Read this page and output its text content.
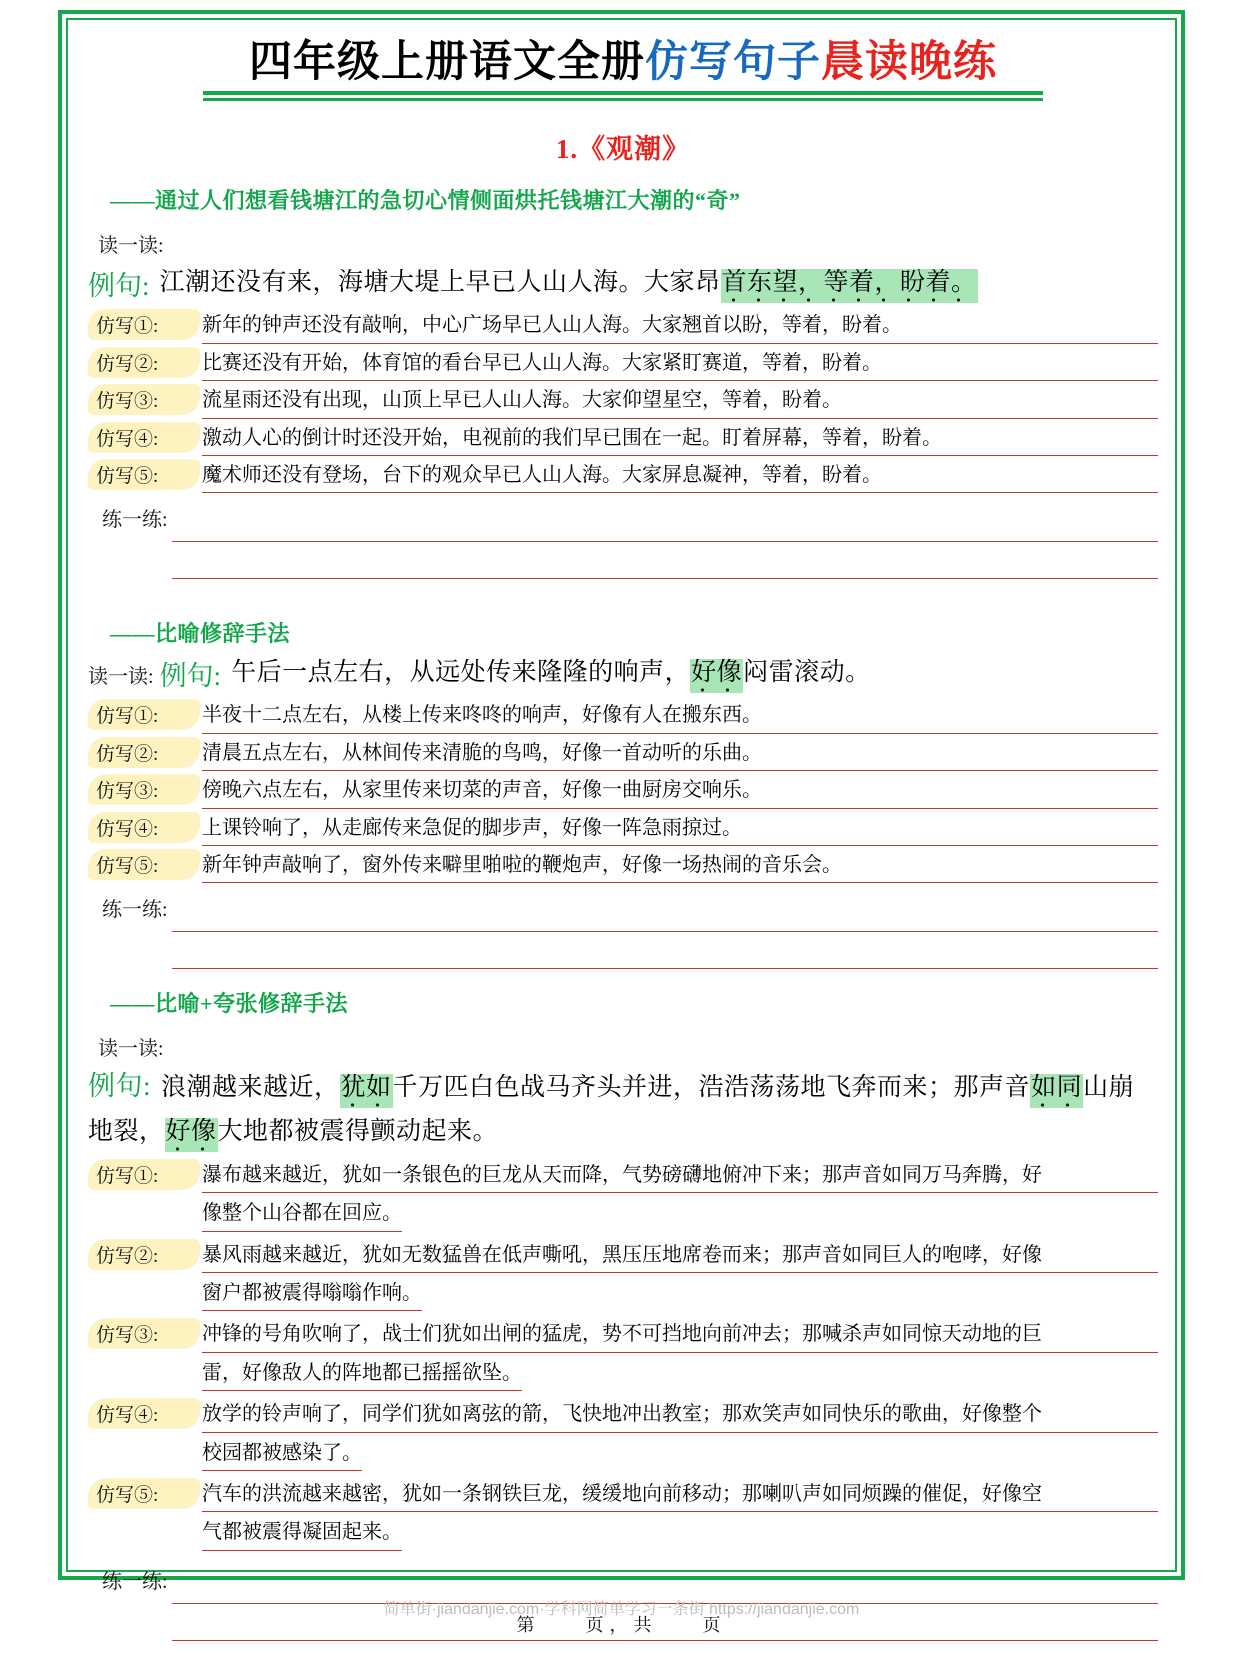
四年级上册语文全册仿写句子晨读晚练
1.《观潮》
——通过人们想看钱塘江的急切心情侧面烘托钱塘江大潮的“奇”
读一读:
例句: 江潮还没有来，海塘大堤上早已人山人海。大家昂首东望，等着，盼着。
仿写①:	新年的钟声还没有敲响，中心广场早已人山人海。大家翘首以盼，等着，盼着。
仿写②:	比赛还没有开始，体育馆的看台早已人山人海。大家紧盯赛道，等着，盼着。
仿写③:	流星雨还没有出现，山顶上早已人山人海。大家仰望星空，等着，盼着。
仿写④:	激动人心的倒计时还没开始，电视前的我们早已围在一起。盯着屏幕，等着，盼着。
仿写⑤:	魔术师还没有登场，台下的观众早已人山人海。大家屏息凝神，等着，盼着。
练一练:
——比喻修辞手法
读一读: 例句: 午后一点左右，从远处传来隆隆的响声，好像闷雷滚动。
仿写①:	半夜十二点左右，从楼上传来咚咚的响声，好像有人在搬东西。
仿写②:	清晨五点左右，从林间传来清脆的鸟鸣，好像一首动听的乐曲。
仿写③:	傍晚六点左右，从家里传来切菜的声音，好像一曲厨房交响乐。
仿写④:	上课铃响了，从走廊传来急促的脚步声，好像一阵急雨掠过。
仿写⑤:	新年钟声敲响了，窗外传来噼里啪啦的鞭炮声，好像一场热闹的音乐会。
练一练:
——比喻+夸张修辞手法
读一读:
例句: 浪潮越来越近，犹如千万匹白色战马齐头并进，浩浩荡荡地飞奔而来；那声音如同山崩地裂，好像大地都被震得颤动起来。
仿写①:	瀑布越来越近，犹如一条银色的巨龙从天而降，气势磅礴地俯冲下来；那声音如同万马奔腾，好
像整个山谷都在回应。
仿写②:	暴风雨越来越近，犹如无数猛兽在低声嘶吼，黑压压地席卷而来；那声音如同巨人的咆哮，好像
窗户都被震得嗡嗡作响。
仿写③:	冲锋的号角吹响了，战士们犹如出闸的猛虎，势不可挡地向前冲去；那喊杀声如同惊天动地的巨
雷，好像敌人的阵地都已摇摇欲坠。
仿写④:	放学的铃声响了，同学们犹如离弦的箭，飞快地冲出教室；那欢笑声如同快乐的歌曲，好像整个
校园都被感染了。
仿写⑤:	汽车的洪流越来越密，犹如一条钢铁巨龙，缓缓地向前移动；那喇叭声如同烦躁的催促，好像空
气都被震得凝固起来。
练一练:
简单街·jiandanjie.com·学科网简单学习一条街 https://jiandanjie.com
第	页，共	页
